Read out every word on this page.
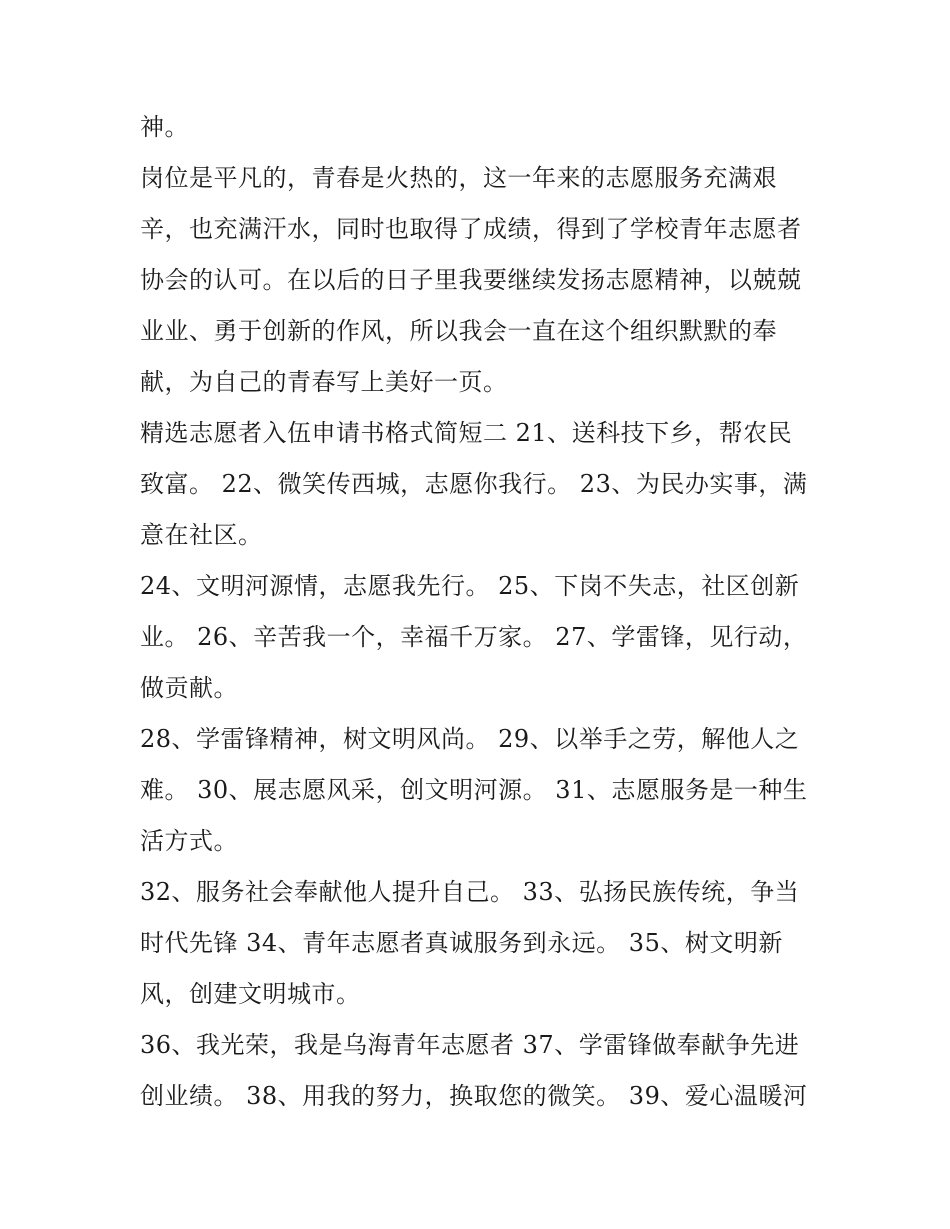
神。
岗位是平凡的，青春是火热的，这一年来的志愿服务充满艰
辛，也充满汗水，同时也取得了成绩，得到了学校青年志愿者
协会的认可。在以后的日子里我要继续发扬志愿精神，以兢兢
业业、勇于创新的作风，所以我会一直在这个组织默默的奉
献，为自己的青春写上美好一页。
精选志愿者入伍申请书格式简短二 21、送科技下乡，帮农民
致富。 22、微笑传西城，志愿你我行。 23、为民办实事，满
意在社区。
24、文明河源情，志愿我先行。 25、下岗不失志，社区创新
业。 26、辛苦我一个，幸福千万家。 27、学雷锋，见行动，
做贡献。
28、学雷锋精神，树文明风尚。 29、以举手之劳，解他人之
难。 30、展志愿风采，创文明河源。 31、志愿服务是一种生
活方式。
32、服务社会奉献他人提升自己。 33、弘扬民族传统，争当
时代先锋 34、青年志愿者真诚服务到永远。 35、树文明新
风，创建文明城市。
36、我光荣，我是乌海青年志愿者 37、学雷锋做奉献争先进
创业绩。 38、用我的努力，换取您的微笑。 39、爱心温暖河
